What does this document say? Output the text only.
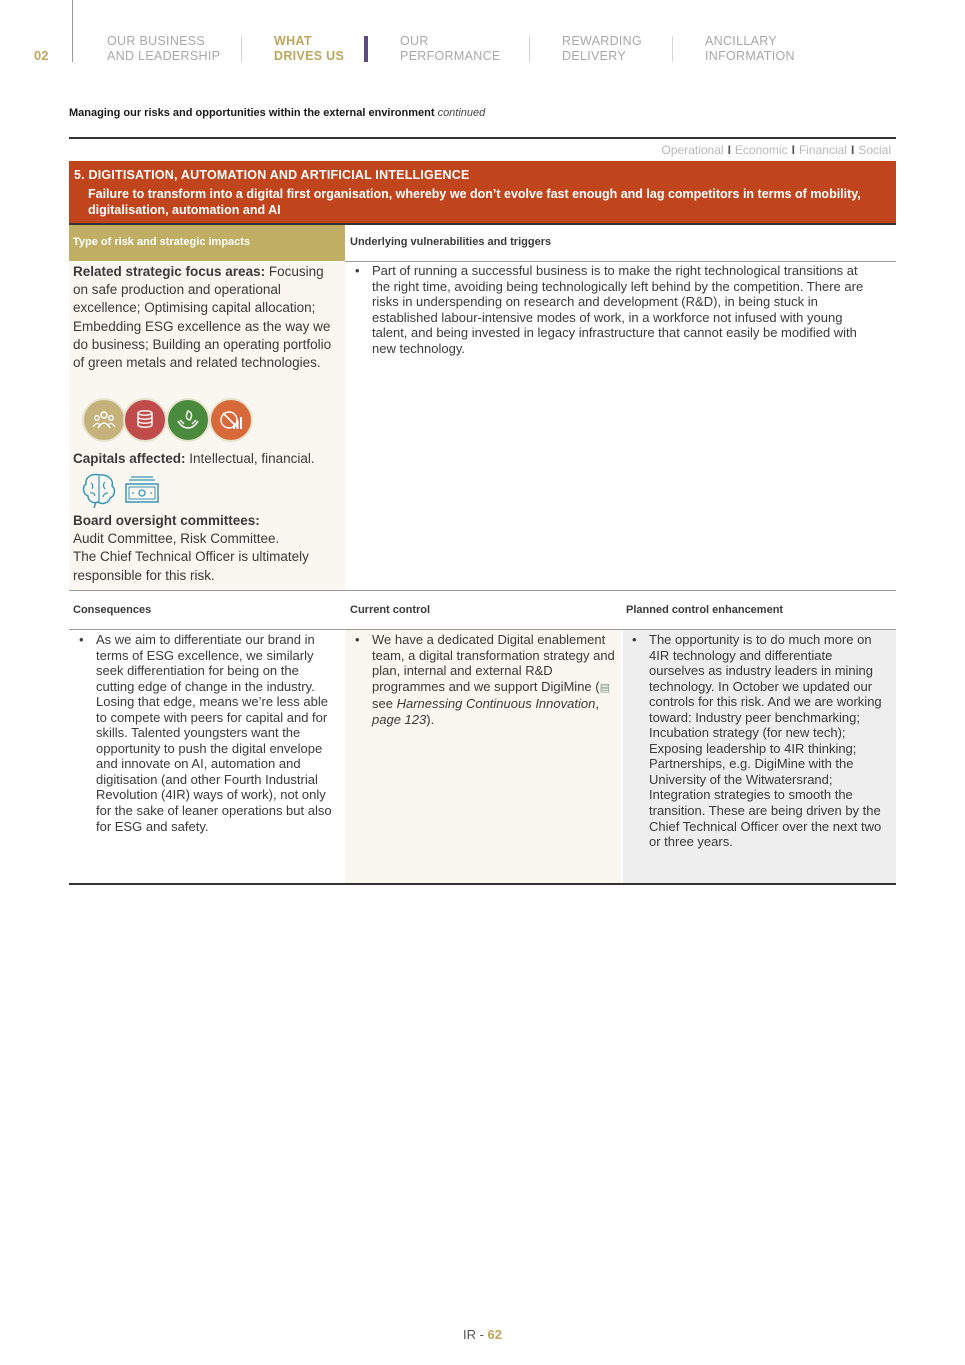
02
OUR BUSINESS
AND LEADERSHIP
WHAT
DRIVES US
OUR
PERFORMANCE
REWARDING
DELIVERY
ANCILLARY
INFORMATION
Managing our risks and opportunities within the external environment continued
Operational I Economic I Financial I Social
5. DIGITISATION, AUTOMATION AND ARTIFICIAL INTELLIGENCE
Failure to transform into a digital first organisation, whereby we don’t evolve fast enough and lag competitors in terms of mobility, digitalisation, automation and AI
Type of risk and strategic impacts	Underlying vulnerabilities and triggers
Related strategic focus areas: Focusing on safe production and operational excellence; Optimising capital allocation; Embedding ESG excellence as the way we do business; Building an operating portfolio of green metals and related technologies.
Capitals affected: Intellectual, financial.
Board oversight committees:
Audit Committee, Risk Committee.
The Chief Technical Officer is ultimately responsible for this risk.
• Part of running a successful business is to make the right technological transitions at the right time, avoiding being technologically left behind by the competition. There are risks in underspending on research and development (R&D), in being stuck in established labour-intensive modes of work, in a workforce not infused with young talent, and being invested in legacy infrastructure that cannot easily be modified with new technology.
Consequences	Current control	Planned control enhancement
• As we aim to differentiate our brand in terms of ESG excellence, we similarly seek differentiation for being on the cutting edge of change in the industry. Losing that edge, means we’re less able to compete with peers for capital and for skills. Talented youngsters want the opportunity to push the digital envelope and innovate on AI, automation and digitisation (and other Fourth Industrial Revolution (4IR) ways of work), not only for the sake of leaner operations but also for ESG and safety.
• We have a dedicated Digital enablement team, a digital transformation strategy and plan, internal and external R&D programmes and we support DigiMine (▤ see Harnessing Continuous Innovation, page 123).
• The opportunity is to do much more on 4IR technology and differentiate ourselves as industry leaders in mining technology. In October we updated our controls for this risk. And we are working toward: Industry peer benchmarking; Incubation strategy (for new tech); Exposing leadership to 4IR thinking; Partnerships, e.g. DigiMine with the University of the Witwatersrand; Integration strategies to smooth the transition. These are being driven by the Chief Technical Officer over the next two or three years.
IR - 62
